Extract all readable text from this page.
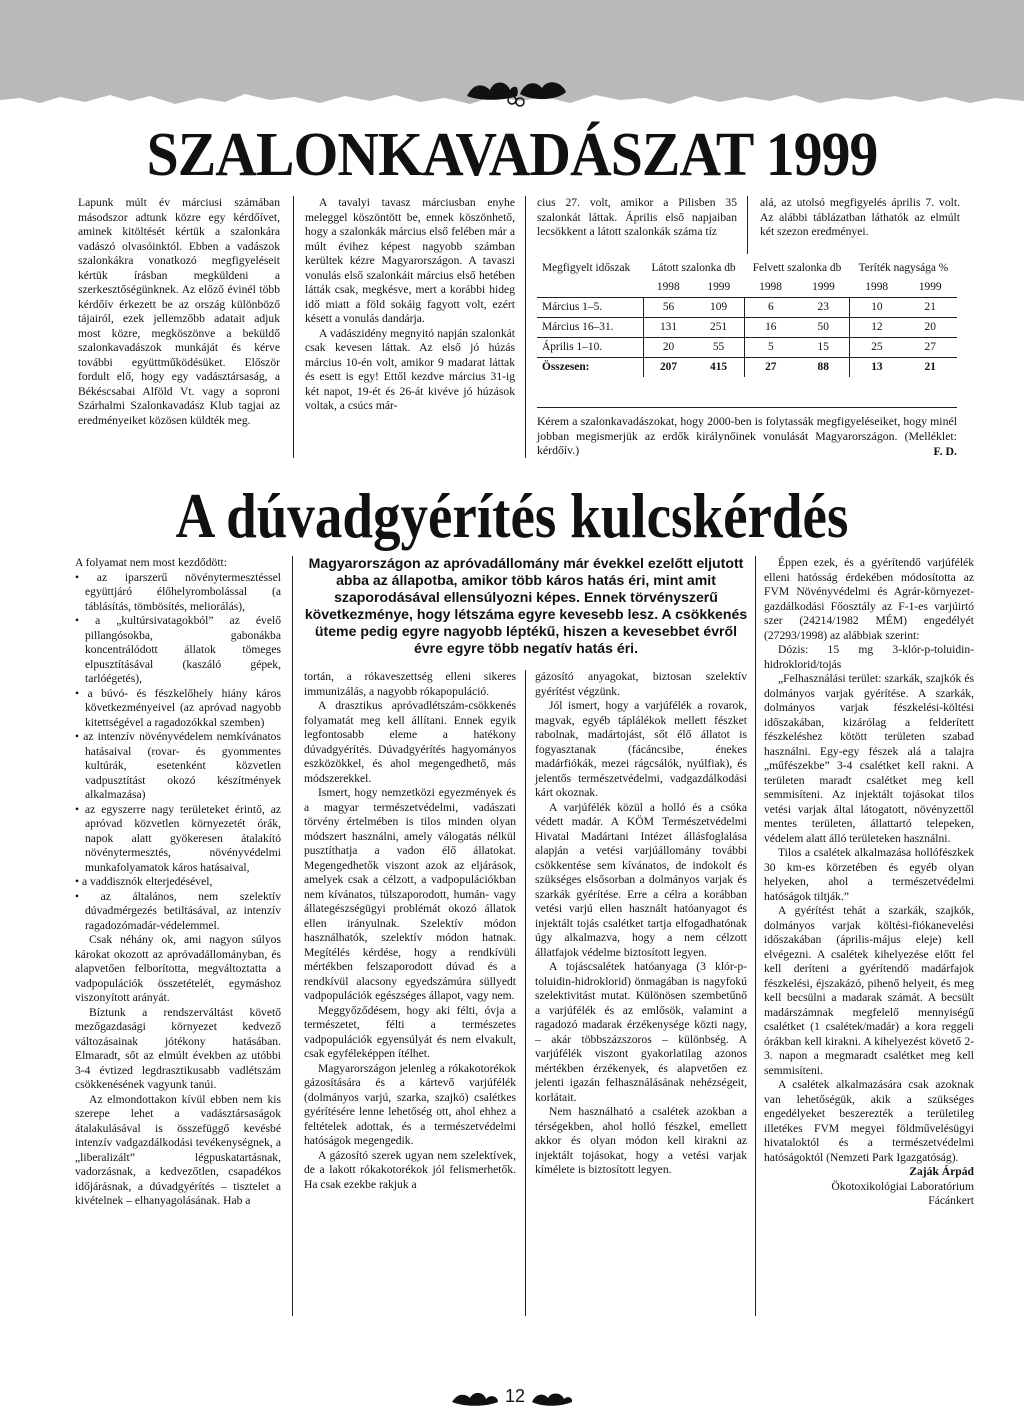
SZALONKAVADÁSZAT 1999

Lapunk múlt év márciusi számában másodszor adtunk közre egy kérdőívet, aminek kitöltését kértük a szalonkára vadászó olvasóinktól. Ebben a vadászok szalonkákra vonatkozó megfigyeléseit kértük írásban megküldeni a szerkesztőségünknek. Az előző évinél több kérdőív érkezett be az ország különböző tájairól, ezek jellemzőbb adatait adjuk most közre, megköszönve a beküldő szalonkavadászok munkáját és kérve további együttműködésüket. Először fordult elő, hogy egy vadásztársaság, a Békéscsabai Alföld Vt. vagy a soproni Szárhalmi Szalonkavadász Klub tagjai az eredményeiket közösen küldték meg.

A tavalyi tavasz márciusban enyhe meleggel köszöntött be, ennek köszönhető, hogy a szalonkák március első felében már a múlt évihez képest nagyobb számban kerültek kézre Magyarországon. A tavaszi vonulás első szalonkáit március első hetében látták csak, megkésve, mert a korábbi hideg idő miatt a föld sokáig fagyott volt, ezért késett a vonulás dandárja.

A vadászidény megnyitó napján szalonkát csak kevesen láttak. Az első jó húzás március 10-én volt, amikor 9 madarat láttak és esett is egy! Ettől kezdve március 31-ig két napot, 19-ét és 26-át kivéve jó húzások voltak, a csúcs már-

cius 27. volt, amikor a Pilisben 35 szalonkát láttak. Április első napjaiban lecsökkent a látott szalonkák száma tíz

alá, az utolsó megfigyelés április 7. volt. Az alábbi táblázatban láthatók az elmúlt két szezon eredményei.

Megfigyelt időszak	Látott szalonka db		Felvett szalonka db		Teríték nagysága %	
	1998	1999	1998	1999	1998	1999
Március 1–5.	56	109	6	23	10	21
Március 16–31.	131	251	16	50	12	20
Április 1–10.	20	55	5	15	25	27
Összesen:	207	415	27	88	13	21

Kérem a szalonkavadászokat, hogy 2000-ben is folytassák megfigyeléseiket, hogy minél jobban megismerjük az erdők királynőinek vonulását Magyarországon. (Melléklet: kérdőív.)	F. D.
A dúvadgyérítés kulcskérdés
Magyarországon az apróvadállomány már évekkel ezelőtt eljutott abba az állapotba, amikor több káros hatás éri, mint amit szaporodásával ellensúlyozni képes. Ennek törvényszerű következménye, hogy létszáma egyre kevesebb lesz. A csökkenés üteme pedig egyre nagyobb léptékű, hiszen a kevesebbet évről évre egyre több negatív hatás éri.

A folyamat nem most kezdődött:

• az iparszerű növénytermesztéssel együttjáró élőhelyrombolással (a táblásítás, tömbösítés, meliorálás),
• a „kultúrsivatagokból” az évelő pillangósokba, gabonákba koncentrálódott állatok tömeges elpusztításával (kaszáló gépek, tarlóégetés),
• a búvó- és fészkelőhely hiány káros következményeivel (az apróvad nagyobb kitettségével a ragadozókkal szemben)
• az intenzív növényvédelem nemkívánatos hatásaival (rovar- és gyommentes kultúrák, esetenként közvetlen vadpusztítást okozó készítmények alkalmazása)
• az egyszerre nagy területeket érintő, az apróvad közvetlen környezetét órák, napok alatt gyökeresen átalakító növénytermesztés, növényvédelmi munkafolyamatok káros hatásaival,
• a vaddisznók elterjedésével,
• az általános, nem szelektív dúvadmérgezés betiltásával, az intenzív ragadozómadár-védelemmel.

Csak néhány ok, ami nagyon súlyos károkat okozott az apróvadállományban, és alapvetően felborította, megváltoztatta a vadpopulációk összetételét, egymáshoz viszonyított arányát.

Bíztunk a rendszerváltást követő mezőgazdasági környezet kedvező változásainak jótékony hatásában. Elmaradt, sőt az elmúlt években az utóbbi 3-4 évtized legdrasztikusabb vadlétszám csökkenésének vagyunk tanúi.

Az elmondottakon kívül ebben nem kis szerepe lehet a vadásztársaságok átalakulásával is összefüggő kevésbé intenzív vadgazdálkodási tevékenységnek, a „liberalizált” légpuskatartásnak, vadorzásnak, a kedvezőtlen, csapadékos időjárásnak, a dúvadgyérítés – tisztelet a kivételnek – elhanyagolásának. Hab a

tortán, a rókaveszettség elleni sikeres immunizálás, a nagyobb rókapopuláció.

A drasztikus apróvadlétszám-csökkenés folyamatát meg kell állítani. Ennek egyik legfontosabb eleme a hatékony dúvadgyérítés. Dúvadgyérítés hagyományos eszközökkel, és ahol megengedhető, más módszerekkel.

Ismert, hogy nemzetközi egyezmények és a magyar természetvédelmi, vadászati törvény értelmében is tilos minden olyan módszert használni, amely válogatás nélkül pusztíthatja a vadon élő állatokat. Megengedhetők viszont azok az eljárások, amelyek csak a célzott, a vadpopulációkban nem kívánatos, túlszaporodott, humán- vagy állategészségügyi problémát okozó állatok ellen irányulnak. Szelektív módon használhatók, szelektív módon hatnak. Megítélés kérdése, hogy a rendkívüli mértékben felszaporodott dúvad és a rendkívül alacsony egyedszámúra süllyedt vadpopulációk egészséges állapot, vagy nem.

Meggyőződésem, hogy aki félti, óvja a természetet, félti a természetes vadpopulációk egyensúlyát és nem elvakult, csak egyféleképpen ítélhet.

Magyarországon jelenleg a rókakotorékok gázosítására és a kártevő varjúfélék (dolmányos varjú, szarka, szajkó) csalétkes gyérítésére lenne lehetőség ott, ahol ehhez a feltételek adottak, és a természetvédelmi hatóságok megengedik.

A gázosító szerek ugyan nem szelektívek, de a lakott rókakotorékok jól felismerhetők. Ha csak ezekbe rakjuk a

gázosító anyagokat, biztosan szelektív gyérítést végzünk.

Jól ismert, hogy a varjúfélék a rovarok, magvak, egyéb táplálékok mellett fészket rabolnak, madártojást, sőt élő állatot is fogyasztanak (fácáncsibe, énekes madárfiókák, mezei rágcsálók, nyúlfiak), és jelentős természetvédelmi, vadgazdálkodási kárt okoznak.

A varjúfélék közül a holló és a csóka védett madár. A KÖM Természetvédelmi Hivatal Madártani Intézet állásfoglalása alapján a vetési varjúállomány további csökkentése sem kívánatos, de indokolt és szükséges elsősorban a dolmányos varjak és szarkák gyérítése. Erre a célra a korábban vetési varjú ellen használt hatóanyagot és injektált tojás csalétket tartja elfogadhatónak úgy alkalmazva, hogy a nem célzott állatfajok védelme biztosított legyen.

A tojáscsalétek hatóanyaga (3 klór-p-toluidin-hidroklorid) önmagában is nagyfokú szelektivitást mutat. Különösen szembetűnő a varjúfélék és az emlősök, valamint a ragadozó madarak érzékenysége közti nagy, – akár többszázszoros – különbség. A varjúfélék viszont gyakorlatilag azonos mértékben érzékenyek, és alapvetően ez jelenti igazán felhasználásának nehézségeit, korlátait.

Nem használható a csalétek azokban a térségekben, ahol holló fészkel, emellett akkor és olyan módon kell kirakni az injektált tojásokat, hogy a vetési varjak kímélete is biztosított legyen.

Éppen ezek, és a gyérítendő varjúfélék elleni hatósság érdekében módosította az FVM Növényvédelmi és Agrár-környezet-gazdálkodási Főosztály az F-1-es varjúirtó szer (24214/1982 MÉM) engedélyét (27293/1998) az alábbiak szerint:

Dózis: 15 mg 3-klór-p-toluidin-hidroklorid/tojás

„Felhasználási terület: szarkák, szajkók és dolmányos varjak gyérítése. A szarkák, dolmányos varjak fészkelési-költési időszakában, kizárólag a felderített fészkeléshez kötött területen szabad használni. Egy-egy fészek alá a talajra „műfészekbe” 3-4 csalétket kell rakni. A területen maradt csalétket meg kell semmisíteni. Az injektált tojásokat tilos vetési varjak által látogatott, növényzettől mentes területen, állattartó telepeken, védelem alatt álló területeken használni.

Tilos a csalétek alkalmazása hollófészkek 30 km-es körzetében és egyéb olyan helyeken, ahol a természetvédelmi hatóságok tiltják.”

A gyérítést tehát a szarkák, szajkók, dolmányos varjak költési-fiókanevelési időszakában (április-május eleje) kell elvégezni. A csalétek kihelyezése előtt fel kell deríteni a gyérítendő madárfajok fészkelési, éjszakázó, pihenő helyeit, és meg kell becsülni a madarak számát. A becsült madárszámnak megfelelő mennyiségű csalétket (1 csalétek/madár) a kora reggeli órákban kell kirakni. A kihelyezést követő 2-3. napon a megmaradt csalétket meg kell semmisíteni.

A csalétek alkalmazására csak azoknak van lehetőségük, akik a szükséges engedélyeket beszerezték a területileg illetékes FVM megyei földművelésügyi hivataloktól és a természetvédelmi hatóságoktól (Nemzeti Park Igazgatóság).

Zaják Árpád
Ökotoxikológiai Laboratórium
Fácánkert
12
